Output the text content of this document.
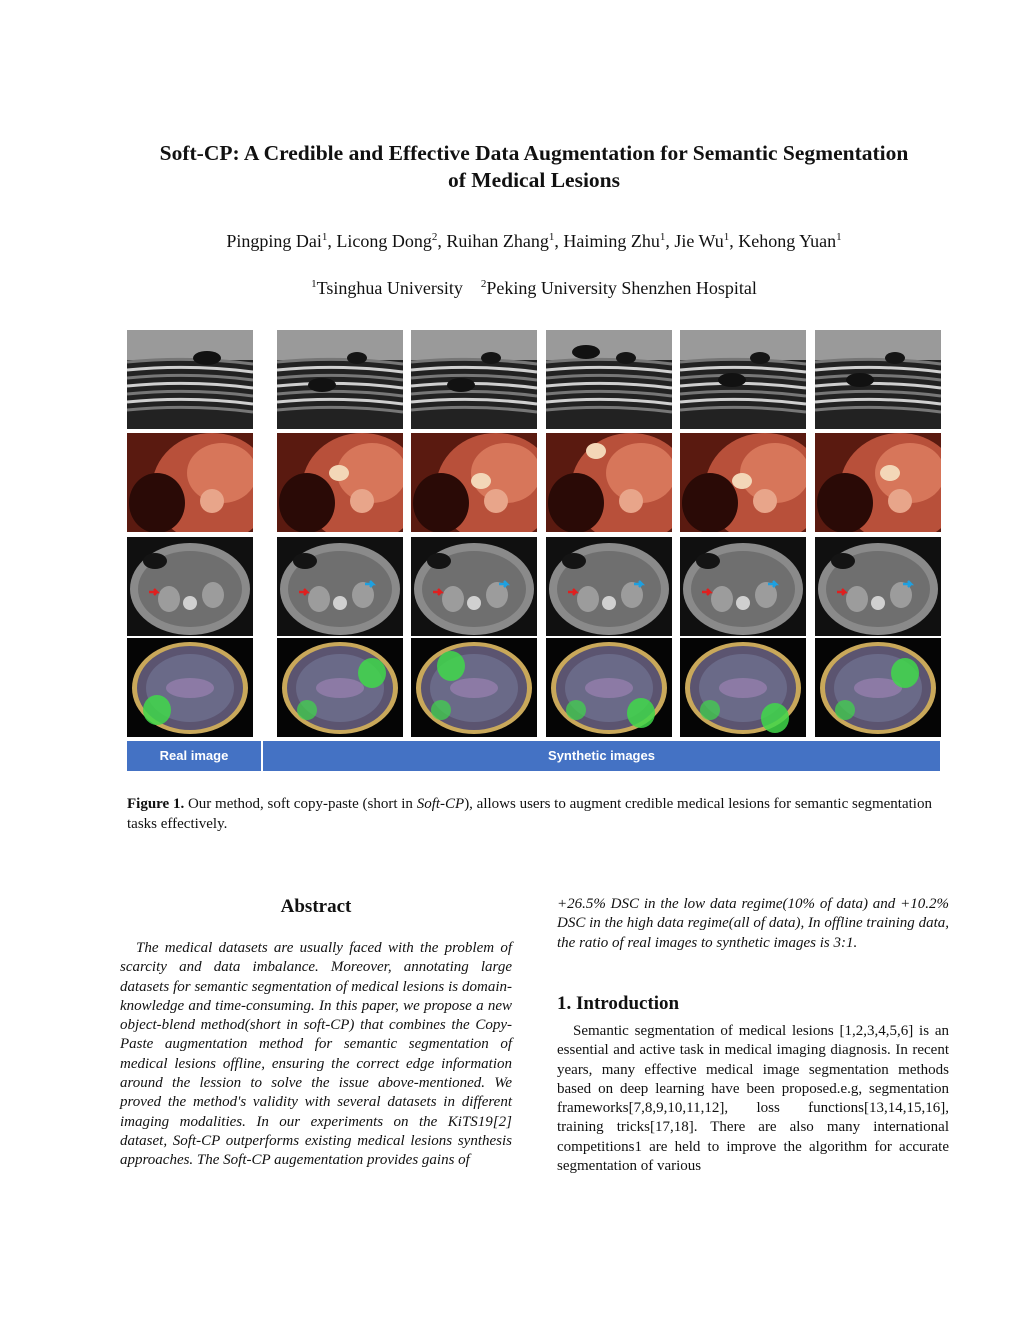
Soft-CP: A Credible and Effective Data Augmentation for Semantic Segmentation
of Medical Lesions
Pingping Dai$^1$, Licong Dong$^2$, Ruihan Zhang$^1$, Haiming Zhu$^1$, Jie Wu$^1$, Kehong Yuan$^1$
$^1$Tsinghua University $^2$Peking University Shenzhen Hospital
Real image	Synthetic images
Figure 1. Our method, soft copy-paste (short in Soft-CP), allows users to augment credible medical lesions for semantic segmentation tasks effectively.
Abstract
The medical datasets are usually faced with the problem of scarcity and data imbalance. Moreover, annotating large datasets for semantic segmentation of medical lesions is domain-knowledge and time-consuming. In this paper, we propose a new object-blend method(short in soft-CP) that combines the Copy-Paste augmentation method for semantic segmentation of medical lesions offline, ensuring the correct edge information around the lession to solve the issue above-mentioned. We proved the method's validity with several datasets in different imaging modalities. In our experiments on the KiTS19[2] dataset, Soft-CP outperforms existing medical lesions synthesis approaches. The Soft-CP augementation provides gains of
+26.5% DSC in the low data regime(10% of data) and +10.2% DSC in the high data regime(all of data), In offline training data, the ratio of real images to synthetic images is 3:1.
1. Introduction
Semantic segmentation of medical lesions [1,2,3,4,5,6] is an essential and active task in medical imaging diagnosis. In recent years, many effective medical image segmentation methods based on deep learning have been proposed.e.g, segmentation frameworks[7,8,9,10,11,12], loss functions[13,14,15,16], training tricks[17,18]. There are also many international competitions1 are held to improve the algorithm for accurate segmentation of various
